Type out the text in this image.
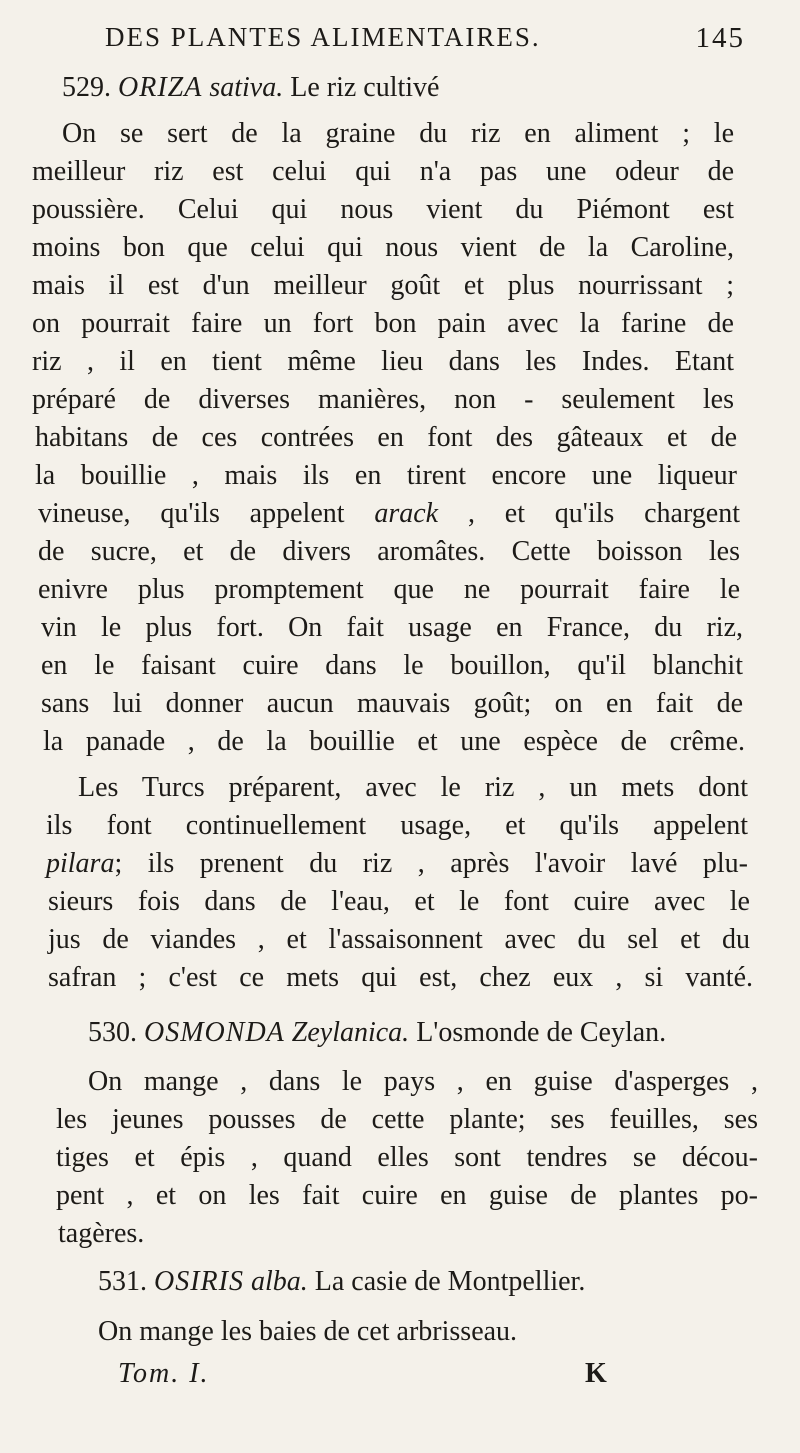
DES PLANTES ALIMENTAIRES.	145
529. ORIZA sativa. Le riz cultivé
On se sert de la graine du riz en aliment ; le
meilleur riz est celui qui n'a pas une odeur de
poussière. Celui qui nous vient du Piémont est
moins bon que celui qui nous vient de la Caroline,
mais il est d'un meilleur goût et plus nourrissant ;
on pourrait faire un fort bon pain avec la farine de
riz , il en tient même lieu dans les Indes. Etant
préparé de diverses manières, non - seulement les
habitans de ces contrées en font des gâteaux et de
la bouillie , mais ils en tirent encore une liqueur
vineuse, qu'ils appelent arack , et qu'ils chargent
de sucre, et de divers aromâtes. Cette boisson les
enivre plus promptement que ne pourrait faire le
vin le plus fort. On fait usage en France, du riz,
en le faisant cuire dans le bouillon, qu'il blanchit
sans lui donner aucun mauvais goût; on en fait de
la panade , de la bouillie et une espèce de crême.
Les Turcs préparent, avec le riz , un mets dont
ils font continuellement usage, et qu'ils appelent
pilara; ils prenent du riz , après l'avoir lavé plu-
sieurs fois dans de l'eau, et le font cuire avec le
jus de viandes , et l'assaisonnent avec du sel et du
safran ; c'est ce mets qui est, chez eux , si vanté.
530. OSMONDA Zeylanica. L'osmonde de Ceylan.
On mange , dans le pays , en guise d'asperges ,
les jeunes pousses de cette plante; ses feuilles, ses
tiges et épis , quand elles sont tendres se décou-
pent , et on les fait cuire en guise de plantes po-
tagères.
531. OSIRIS alba. La casie de Montpellier.
On mange les baies de cet arbrisseau.
Tom. I.	K
